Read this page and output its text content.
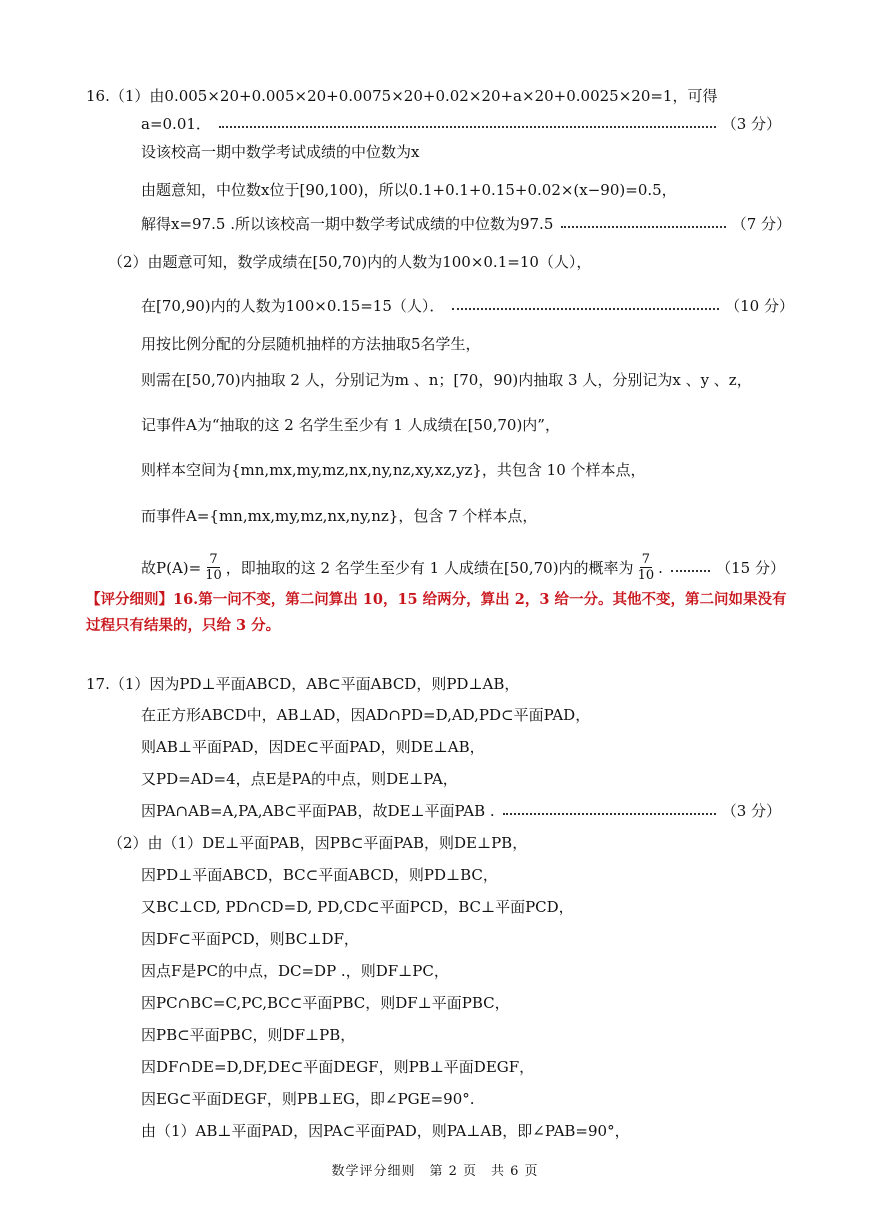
16.（1）由0.005×20+0.005×20+0.0075×20+0.02×20+a×20+0.0025×20=1，可得
a=0.01．	（3 分）
设该校高一期中数学考试成绩的中位数为x
由题意知，中位数x位于[90,100)，所以0.1+0.1+0.15+0.02×(x−90)=0.5，
解得x=97.5 .所以该校高一期中数学考试成绩的中位数为97.5	（7 分）
（2）由题意可知，数学成绩在[50,70)内的人数为100×0.1=10（人），
在[70,90)内的人数为100×0.15=15（人）．	（10 分）
用按比例分配的分层随机抽样的方法抽取5名学生，
则需在[50,70)内抽取 2 人，分别记为m 、n；[70，90)内抽取 3 人，分别记为x 、y 、z，
记事件A为“抽取的这 2 名学生至少有 1 人成绩在[50,70)内”，
则样本空间为{mn,mx,my,mz,nx,ny,nz,xy,xz,yz}，共包含 10 个样本点，
而事件A={mn,mx,my,mz,nx,ny,nz}，包含 7 个样本点，
故$P(A)= \frac{7}{10}$ ，即抽取的这 2 名学生至少有 1 人成绩在[50,70)内的概率为 $\frac{7}{10}$ .	（15 分）
【评分细则】16.第一问不变，第二问算出 10，15 给两分，算出 2，3 给一分。其他不变，第二问如果没有
过程只有结果的，只给 3 分。
17.（1）因为PD⊥平面ABCD，AB⊂平面ABCD，则PD⊥AB，
在正方形ABCD中，AB⊥AD，因AD∩PD=D,AD,PD⊂平面PAD，
则AB⊥平面PAD，因DE⊂平面PAD，则DE⊥AB，
又PD=AD=4，点E是PA的中点，则DE⊥PA，
因PA∩AB=A,PA,AB⊂平面PAB，故DE⊥平面PAB .	（3 分）
（2）由（1）DE⊥平面PAB，因PB⊂平面PAB，则DE⊥PB，
因PD⊥平面ABCD，BC⊂平面ABCD，则PD⊥BC，
又BC⊥CD, PD∩CD=D, PD,CD⊂平面PCD，BC⊥平面PCD，
因DF⊂平面PCD，则BC⊥DF，
因点F是PC的中点，DC=DP .，则DF⊥PC，
因PC∩BC=C,PC,BC⊂平面PBC，则DF⊥平面PBC，
因PB⊂平面PBC，则DF⊥PB，
因DF∩DE=D,DF,DE⊂平面DEGF，则PB⊥平面DEGF，
因EG⊂平面DEGF，则PB⊥EG，即∠PGE=90°.
由（1）AB⊥平面PAD，因PA⊂平面PAD，则PA⊥AB，即∠PAB=90°，
数学评分细则　第 2 页　共 6 页
